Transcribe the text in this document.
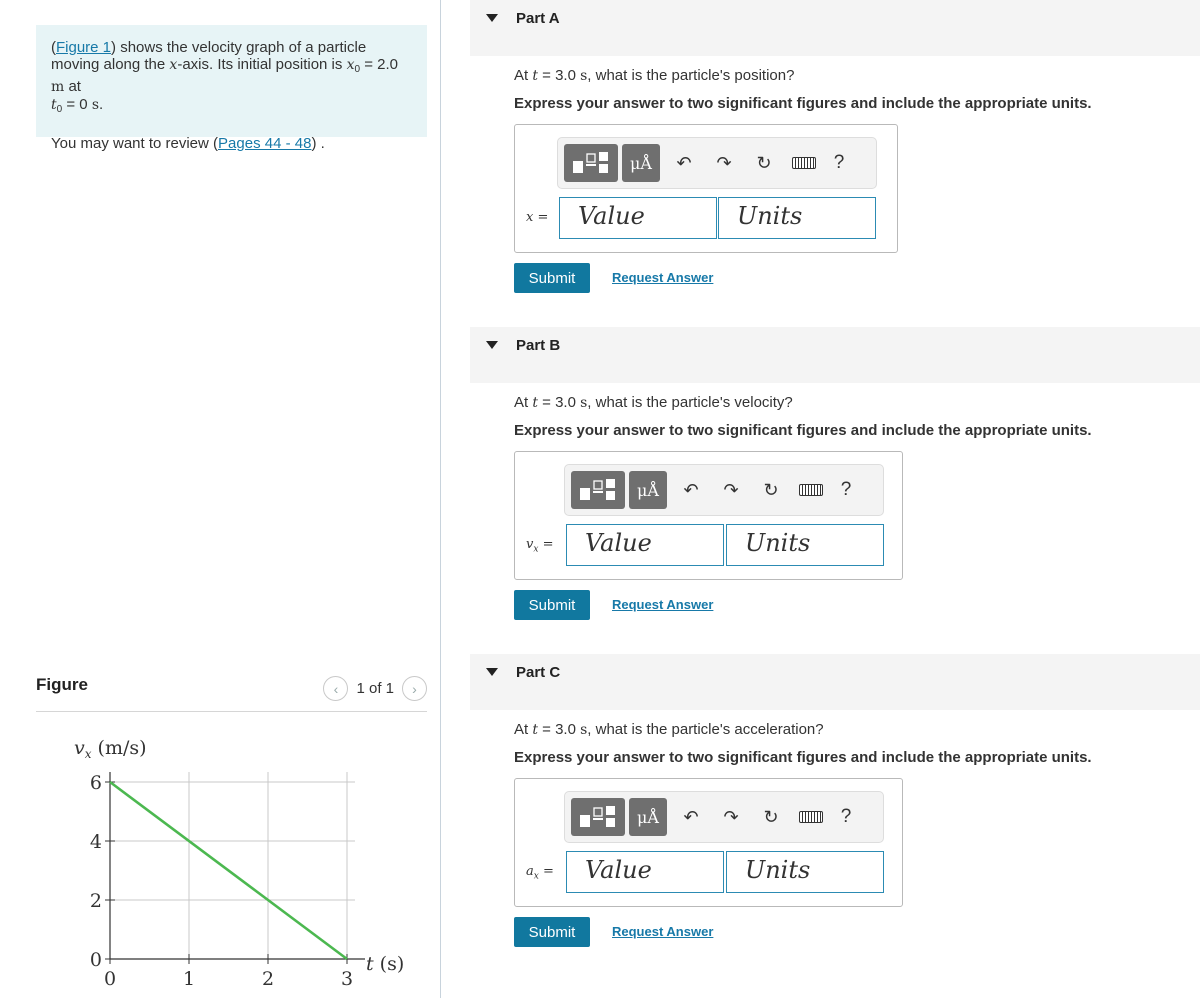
(Figure 1) shows the velocity graph of a particle moving along the x-axis. Its initial position is $x_0 = 2.0$ m at
$t_0 = 0$ s.

You may want to review (Pages 44 - 48) .

Figure	‹	1 of 1	›
$v_x$ (m/s)
t (s)
0	1	2	3
0
2
4
6
Part A
At t = 3.0 s, what is the particle's position?
Express your answer to two significant figures and include the appropriate units.
μÅ	↶	↷	↻	?
x =	Value	Units
Submit	Request Answer
Part B
At t = 3.0 s, what is the particle's velocity?
Express your answer to two significant figures and include the appropriate units.
μÅ	↶	↷	↻	?
$v_x$ =	Value	Units
Submit	Request Answer
Part C
At t = 3.0 s, what is the particle's acceleration?
Express your answer to two significant figures and include the appropriate units.
μÅ	↶	↷	↻	?
$a_x$ =	Value	Units
Submit	Request Answer
